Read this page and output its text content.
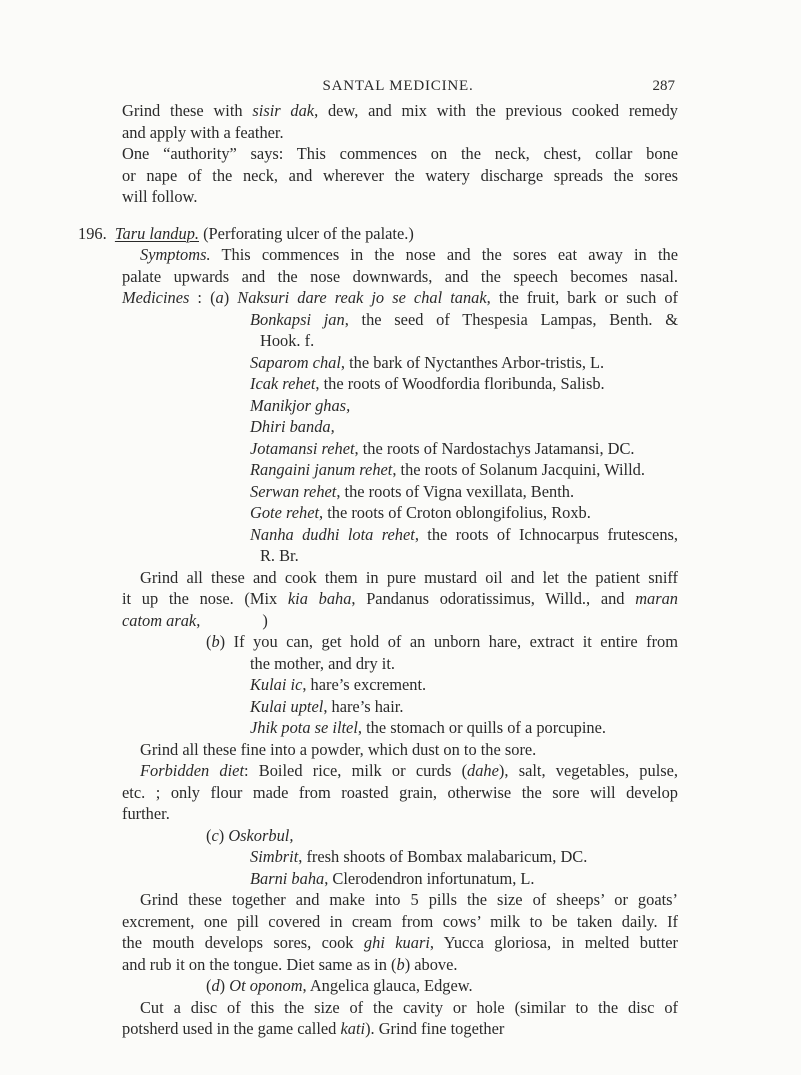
SANTAL MEDICINE.	287
Grind these with sisir dak, dew, and mix with the previous cooked remedy
and apply with a feather.
One “authority” says: This commences on the neck, chest, collar bone
or nape of the neck, and wherever the watery discharge spreads the sores
will follow.
196. Taru landup. (Perforating ulcer of the palate.)
Symptoms. This commences in the nose and the sores eat away in the
palate upwards and the nose downwards, and the speech becomes nasal.
Medicines : (a) Naksuri dare reak jo se chal tanak, the fruit, bark or such of
Bonkapsi jan, the seed of Thespesia Lampas, Benth. &
Hook. f.
Saparom chal, the bark of Nyctanthes Arbor-tristis, L.
Icak rehet, the roots of Woodfordia floribunda, Salisb.
Manikjor ghas,
Dhiri banda,
Jotamansi rehet, the roots of Nardostachys Jatamansi, DC.
Rangaini janum rehet, the roots of Solanum Jacquini, Willd.
Serwan rehet, the roots of Vigna vexillata, Benth.
Gote rehet, the roots of Croton oblongifolius, Roxb.
Nanha dudhi lota rehet, the roots of Ichnocarpus frutescens,
R. Br.
Grind all these and cook them in pure mustard oil and let the patient sniff
it up the nose. (Mix kia baha, Pandanus odoratissimus, Willd., and maran
catom arak,	)
(b) If you can, get hold of an unborn hare, extract it entire from
the mother, and dry it.
Kulai ic, hare’s excrement.
Kulai uptel, hare’s hair.
Jhik pota se iltel, the stomach or quills of a porcupine.
Grind all these fine into a powder, which dust on to the sore.
Forbidden diet: Boiled rice, milk or curds (dahe), salt, vegetables, pulse,
etc. ; only flour made from roasted grain, otherwise the sore will develop
further.
(c) Oskorbul,
Simbrit, fresh shoots of Bombax malabaricum, DC.
Barni baha, Clerodendron infortunatum, L.
Grind these together and make into 5 pills the size of sheeps’ or goats’
excrement, one pill covered in cream from cows’ milk to be taken daily. If
the mouth develops sores, cook ghi kuari, Yucca gloriosa, in melted butter
and rub it on the tongue. Diet same as in (b) above.
(d) Ot oponom, Angelica glauca, Edgew.
Cut a disc of this the size of the cavity or hole (similar to the disc of
potsherd used in the game called kati). Grind fine together
